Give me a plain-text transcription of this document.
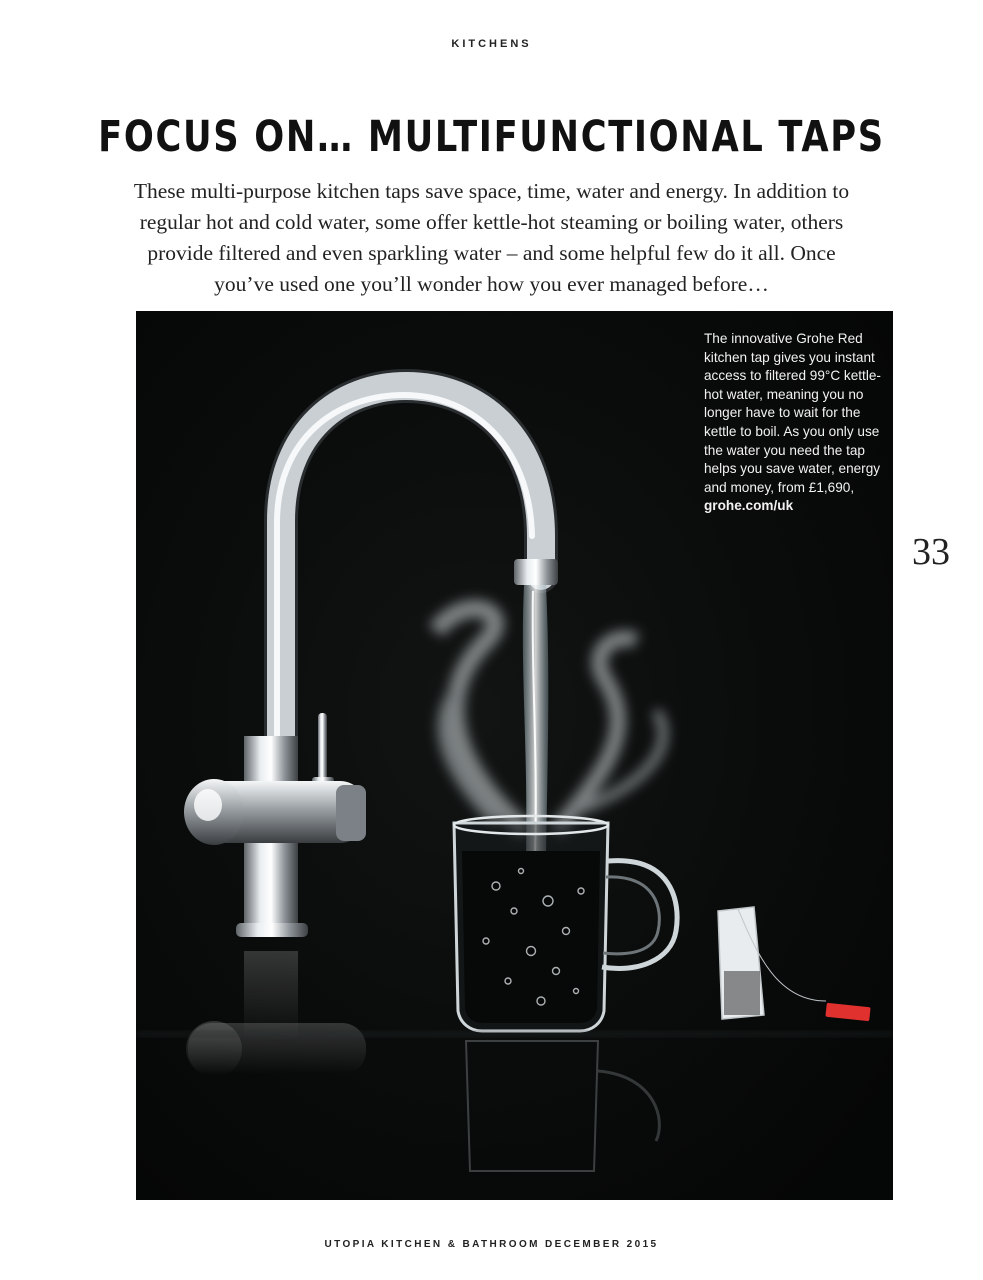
KITCHENS
FOCUS ON… MULTIFUNCTIONAL TAPS
These multi-purpose kitchen taps save space, time, water and energy. In addition to regular hot and cold water, some offer kettle-hot steaming or boiling water, others provide filtered and even sparkling water – and some helpful few do it all. Once you’ve used one you’ll wonder how you ever managed before…
The innovative Grohe Red kitchen tap gives you instant access to filtered 99°C kettle-hot water, meaning you no longer have to wait for the kettle to boil. As you only use the water you need the tap helps you save water, energy and money, from £1,690, grohe.com/uk
33
UTOPIA KITCHEN & BATHROOM DECEMBER 2015
